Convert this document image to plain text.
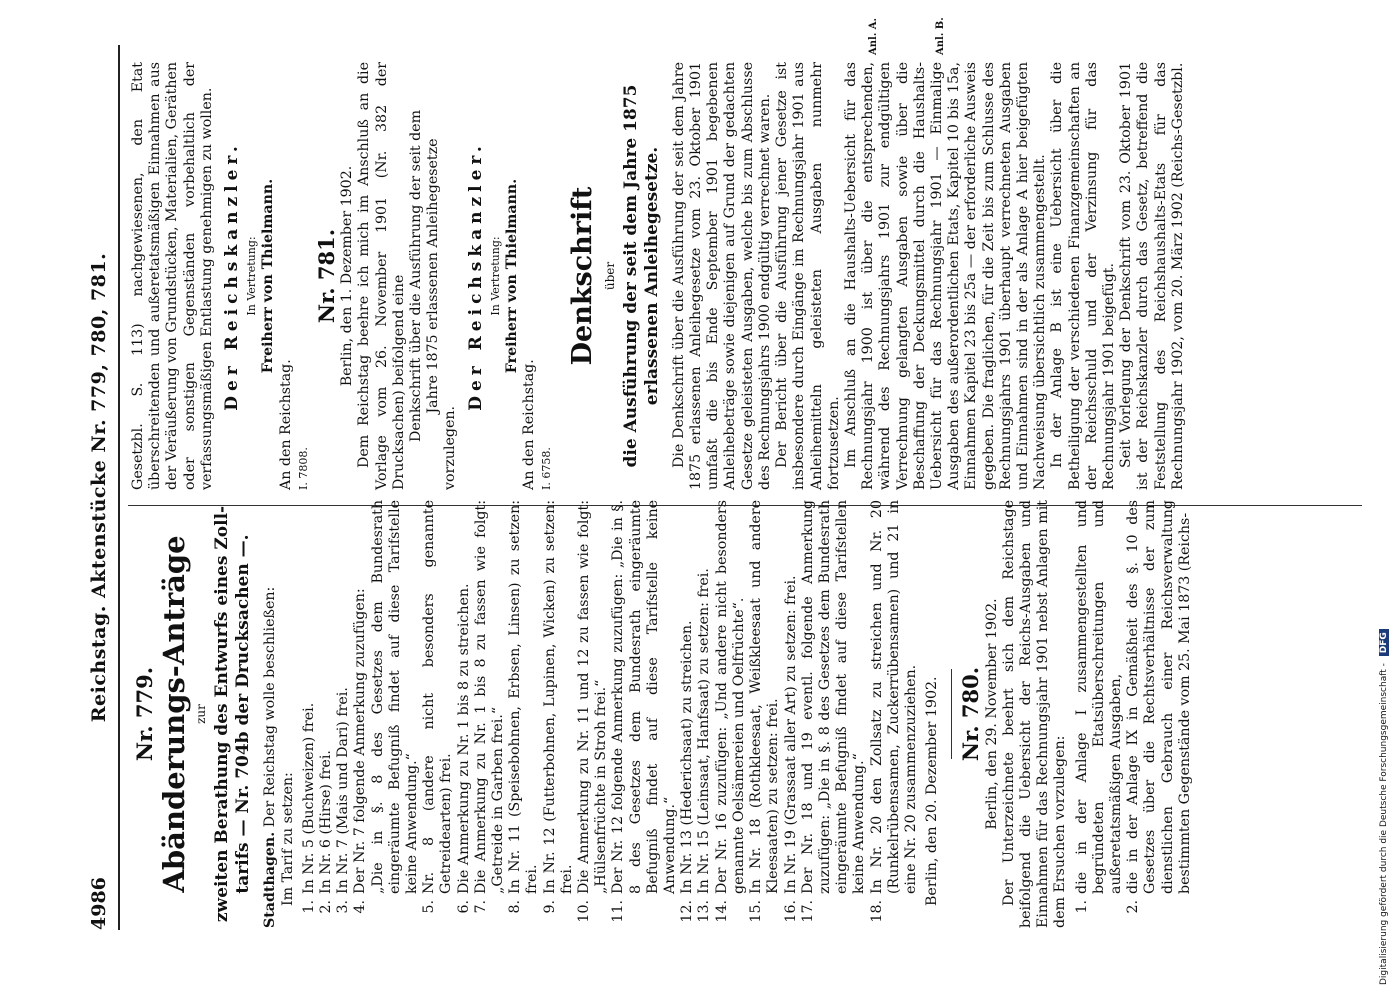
4986
Reichstag. Aktenstücke Nr. 779, 780, 781. Nr. 779. Abänderungs-Anträge zur zweiten Berathung des Entwurfs eines Zoll-tarifs — Nr. 704b der Drucksachen —. Stadthagen. Der Reichstag wolle beschließen:
Im Tarif zu setzen:
1.
In Nr. 5 (Buchweizen) frei.
2.
In Nr. 6 (Hirse) frei.
3.
In Nr. 7 (Mais und Dari) frei.
4.
Der Nr. 7 folgende Anmerkung zuzufügen: „Die in §. 8 des Gesetzes dem Bundesrath eingeräumte Befugniß findet auf diese Tarifstelle keine Anwendung.“
5.
Nr. 8 (andere nicht besonders genannte Getreidearten) frei.
6.
Die Anmerkung zu Nr. 1 bis 8 zu streichen.
7.
Die Anmerkung zu Nr. 1 bis 8 zu fassen wie folgt: „Getreide in Garben frei.“
8.
In Nr. 11 (Speisebohnen, Erbsen, Linsen) zu setzen: frei.
9.
In Nr. 12 (Futterbohnen, Lupinen, Wicken) zu setzen: frei.
10.
Die Anmerkung zu Nr. 11 und 12 zu fassen wie folgt: „Hülsenfrüchte in Stroh frei.“
11.
Der Nr. 12 folgende Anmerkung zuzufügen: „Die in §. 8 des Gesetzes dem Bundesrath eingeräumte Befugniß findet auf diese Tarifstelle keine Anwendung.“
12.
In Nr. 13 (Hederichsaat) zu streichen.
13.
In Nr. 15 (Leinsaat, Hanfsaat) zu setzen: frei.
14.
Der Nr. 16 zuzufügen: „Und andere nicht besonders genannte Oelsämereien und Oelfrüchte“.
15.
In Nr. 18 (Rothkleesaat, Weißkleesaat und andere Kleesaaten) zu setzen: frei.
16.
In Nr. 19 (Grassaat aller Art) zu setzen: frei.
17.
Der Nr. 18 und 19 eventl. folgende Anmerkung zuzufügen: „Die in §. 8 des Gesetzes dem Bundesrath eingeräumte Befugniß findet auf diese Tarifstellen keine Anwendung.“
18.
In Nr. 20 den Zollsatz zu streichen und Nr. 20 (Runkelrübensamen, Zuckerrübensamen) und 21 in eine Nr. 20 zusammenzuziehen. Berlin, den 20. Dezember 1902. Nr. 780. Berlin, den 29. November 1902. Der Unterzeichnete beehrt sich dem Reichstage beifolgend die Uebersicht der Reichs-Ausgaben und Einnahmen für das Rechnungsjahr 1901 nebst Anlagen mit dem Ersuchen vorzulegen: 1.
die in der Anlage I zusammengestellten und begründeten Etatsüberschreitungen und außeretatsmäßigen Ausgaben,
2.
die in der Anlage IX in Gemäßheit des §. 10 des Gesetzes über die Rechtsverhältnisse der zum dienstlichen Gebrauch einer Reichsverwaltung bestimmten Gegenstände vom 25. Mai 1873 (Reichs-
Gesetzbl. S. 113) nachgewiesenen, den Etat überschreitenden und außeretatsmäßigen Einnahmen aus der Veräußerung von Grundstücken, Materialien, Geräthen oder sonstigen Gegenständen vorbehaltlich der verfassungsmäßigen Entlastung genehmigen zu wollen. Der Reichskanzler. In Vertretung: Freiherr von Thielmann.
An den Reichstag. I. 7808.
Nr. 781. Berlin, den 1. Dezember 1902. Dem Reichstag beehre ich mich im Anschluß an die Vorlage vom 26. November 1901 (Nr. 382 der Drucksachen) beifolgend eine Denkschrift über die Ausführung der seit dem Jahre 1875 erlassenen Anleihegesetze
vorzulegen.
Der Reichskanzler. In Vertretung: Freiherr von Thielmann.
An den Reichstag. I. 6758.
Denkschrift über die Ausführung der seit dem Jahre 1875 erlassenen Anleihegesetze. Die Denkschrift über die Ausführung der seit dem Jahre 1875 erlassenen Anleihegesetze vom 23. Oktober 1901 umfaßt die bis Ende September 1901 begebenen Anleihebeträge sowie diejenigen auf Grund der gedachten Gesetze geleisteten Ausgaben, welche bis zum Abschlusse des Rechnungsjahrs 1900 endgültig verrechnet waren. Der Bericht über die Ausführung jener Gesetze ist insbesondere durch Eingänge im Rechnungsjahr 1901 aus Anleihemitteln geleisteten Ausgaben nunmehr fortzusetzen. Im Anschluß an die Haushalts-Uebersicht für das Rechnungsjahr 1900 ist über die entsprechenden, während des Rechnungsjahrs 1901 zur endgültigen Verrechnung gelangten Ausgaben sowie über die Beschaffung der Deckungsmittel durch die Haushalts-Uebersicht für das Rechnungsjahr 1901 — Einmalige Ausgaben des außerordentlichen Etats, Kapitel 10 bis 15a, Einnahmen Kapitel 23 bis 25a — der erforderliche Ausweis gegeben. Die fraglichen, für die Zeit bis zum Schlusse des Rechnungsjahrs 1901 überhaupt verrechneten Ausgaben und Einnahmen sind in der als Anlage A hier beigefügten Nachweisung übersichtlich zusammengestellt. In der Anlage B ist eine Uebersicht über die Betheiligung der verschiedenen Finanzgemeinschaften an der Reichsschuld und der Verzinsung für das Rechnungsjahr 1901 beigefügt. Seit Vorlegung der Denkschrift vom 23. Oktober 1901 ist der Reichskanzler durch das Gesetz, betreffend die Feststellung des Reichshaushalts-Etats für das Rechnungsjahr 1902, vom 20. März 1902 (Reichs-Gesetzbl.
Anl. A.	Anl. B.
Digitalisierung gefördert durch die Deutsche Forschungsgemeinschaft - DFG
